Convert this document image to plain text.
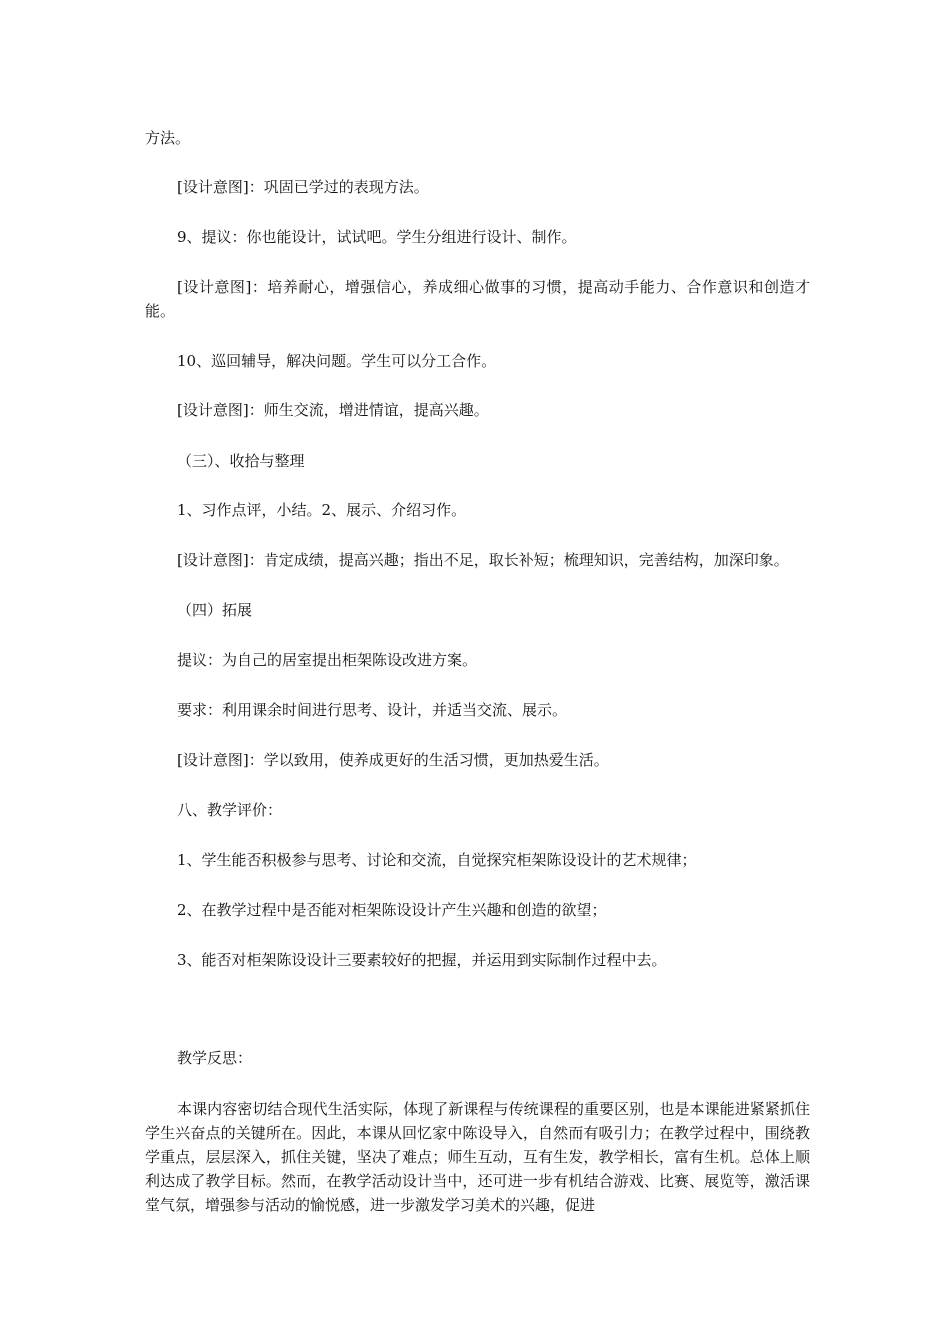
方法。

[设计意图]：巩固已学过的表现方法。

9、提议：你也能设计，试试吧。学生分组进行设计、制作。

[设计意图]：培养耐心，增强信心，养成细心做事的习惯，提高动手能力、合作意识和创造才能。

10、巡回辅导，解决问题。学生可以分工合作。

[设计意图]：师生交流，增进情谊，提高兴趣。

（三）、收拾与整理

1、习作点评，小结。2、展示、介绍习作。

[设计意图]：肯定成绩，提高兴趣；指出不足，取长补短；梳理知识，完善结构，加深印象。

（四）拓展

提议：为自己的居室提出柜架陈设改进方案。

要求：利用课余时间进行思考、设计，并适当交流、展示。

[设计意图]：学以致用，使养成更好的生活习惯，更加热爱生活。

八、教学评价：

1、学生能否积极参与思考、讨论和交流，自觉探究柜架陈设设计的艺术规律；

2、在教学过程中是否能对柜架陈设设计产生兴趣和创造的欲望；

3、能否对柜架陈设设计三要素较好的把握，并运用到实际制作过程中去。

教学反思：

本课内容密切结合现代生活实际，体现了新课程与传统课程的重要区别，也是本课能进紧紧抓住学生兴奋点的关键所在。因此，本课从回忆家中陈设导入，自然而有吸引力；在教学过程中，围绕教学重点，层层深入，抓住关键，坚决了难点；师生互动，互有生发，教学相长，富有生机。总体上顺利达成了教学目标。然而，在教学活动设计当中，还可进一步有机结合游戏、比赛、展览等，激活课堂气氛，增强参与活动的愉悦感，进一步激发学习美术的兴趣，促进
